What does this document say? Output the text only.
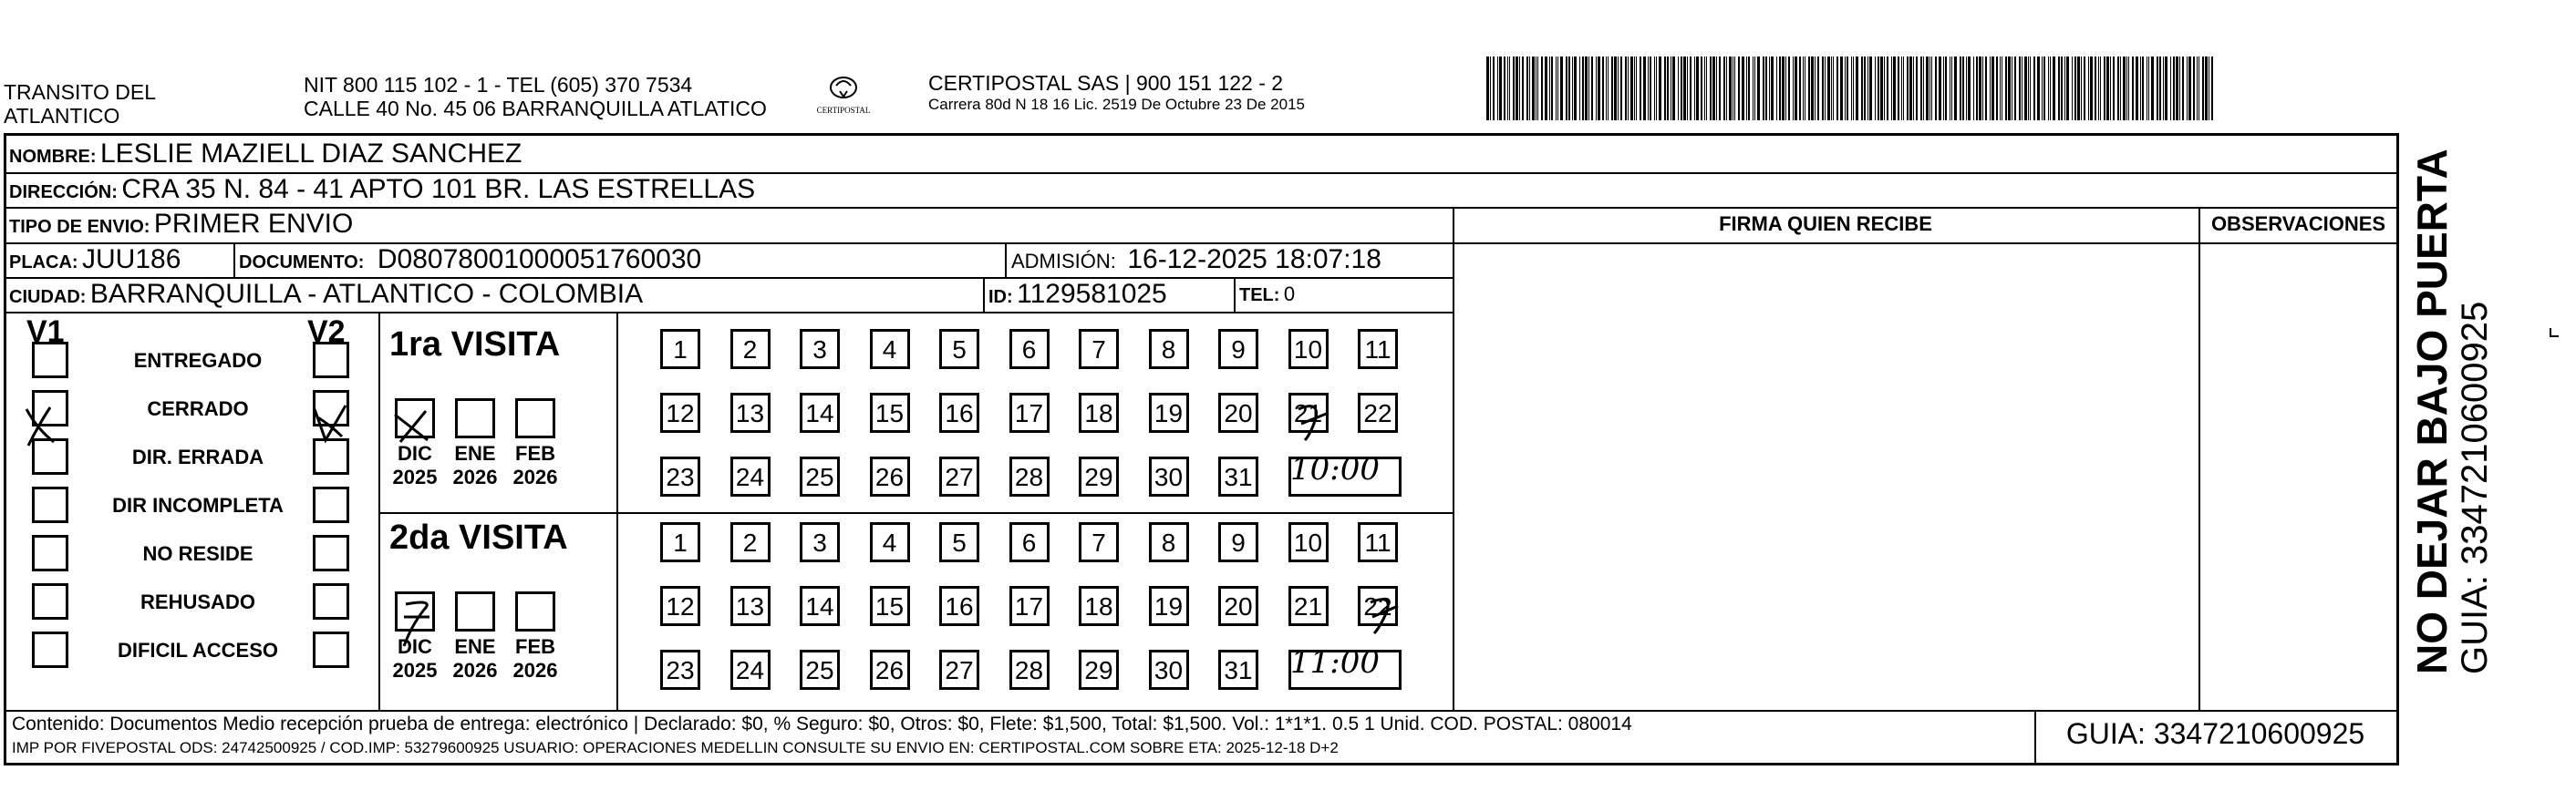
TRANSITO DEL
ATLANTICO
NIT 800 115 102 - 1 - TEL (605) 370 7534
CALLE 40 No. 45 06 BARRANQUILLA ATLATICO	CERTIPOSTAL
CERTIPOSTAL SAS | 900 151 122 - 2
Carrera 80d N 18 16 Lic. 2519 De Octubre 23 De 2015
NOMBRE: LESLIE MAZIELL DIAZ SANCHEZ
DIRECCIÓN: CRA 35 N. 84 - 41 APTO 101 BR. LAS ESTRELLAS
TIPO DE ENVIO: PRIMER ENVIO	FIRMA QUIEN RECIBE	OBSERVACIONES
PLACA: JUU186	DOCUMENTO: D08078001000051760030	ADMISIÓN: 16-12-2025 18:07:18
CIUDAD: BARRANQUILLA - ATLANTICO - COLOMBIA	ID: 1129581025	TEL: 0
V1	V2
ENTREGADO
CERRADO
DIR. ERRADA
DIR INCOMPLETA
NO RESIDE
REHUSADO
DIFICIL ACCESO
1ra VISITA
2da VISITA
DIC
2025
ENE
2026
FEB
2026
DIC
2025
ENE
2026
FEB
2026
1	2	3	4	5	6	7	8	9	10 11
12 13 14 15 16 17 18 19 20 21 22
23 24 25 26 27 28 29 30 31
1	2	3	4	5	6	7	8	9	10 11
12 13 14 15 16 17 18 19 20 21 22
23 24 25 26 27 28 29 30 31
10:00
11:00
Contenido: Documentos Medio recepción prueba de entrega: electrónico | Declarado: $0, % Seguro: $0, Otros: $0, Flete: $1,500, Total: $1,500. Vol.: 1*1*1. 0.5 1 Unid. COD. POSTAL: 080014
IMP POR FIVEPOSTAL ODS: 24742500925 / COD.IMP: 53279600925 USUARIO: OPERACIONES MEDELLIN CONSULTE SU ENVIO EN: CERTIPOSTAL.COM SOBRE ETA: 2025-12-18 D+2	GUIA: 3347210600925
NO DEJAR BAJO PUERTA GUIA: 3347210600925
